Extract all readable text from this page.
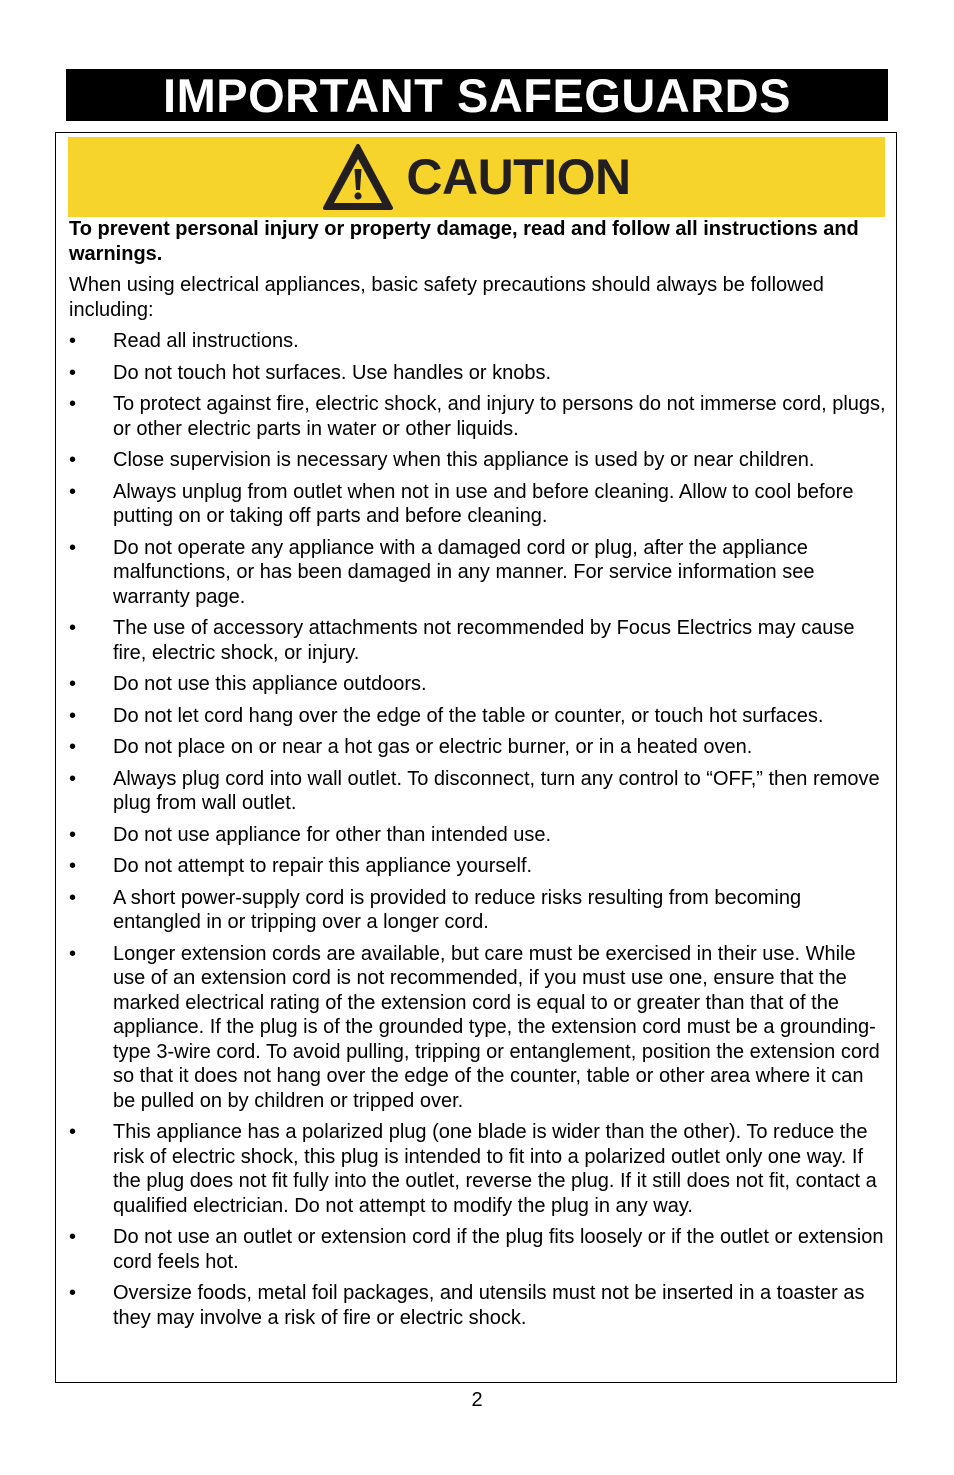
IMPORTANT SAFEGUARDS
CAUTION

To prevent personal injury or property damage, read and follow all instructions and warnings.

When using electrical appliances, basic safety precautions should always be followed including:

• Read all instructions.
• Do not touch hot surfaces. Use handles or knobs.
• To protect against fire, electric shock, and injury to persons do not immerse cord, plugs, or other electric parts in water or other liquids.
• Close supervision is necessary when this appliance is used by or near children.
• Always unplug from outlet when not in use and before cleaning. Allow to cool before putting on or taking off parts and before cleaning.
• Do not operate any appliance with a damaged cord or plug, after the appliance malfunctions, or has been damaged in any manner. For service information see warranty page.
• The use of accessory attachments not recommended by Focus Electrics may cause fire, electric shock, or injury.
• Do not use this appliance outdoors.
• Do not let cord hang over the edge of the table or counter, or touch hot surfaces.
• Do not place on or near a hot gas or electric burner, or in a heated oven.
• Always plug cord into wall outlet. To disconnect, turn any control to “OFF,” then remove plug from wall outlet.
• Do not use appliance for other than intended use.
• Do not attempt to repair this appliance yourself.
• A short power-supply cord is provided to reduce risks resulting from becoming entangled in or tripping over a longer cord.
• Longer extension cords are available, but care must be exercised in their use. While use of an extension cord is not recommended, if you must use one, ensure that the marked electrical rating of the extension cord is equal to or greater than that of the appliance. If the plug is of the grounded type, the extension cord must be a grounding-type 3-wire cord. To avoid pulling, tripping or entanglement, position the extension cord so that it does not hang over the edge of the counter, table or other area where it can be pulled on by children or tripped over.
• This appliance has a polarized plug (one blade is wider than the other). To reduce the risk of electric shock, this plug is intended to fit into a polarized outlet only one way. If the plug does not fit fully into the outlet, reverse the plug. If it still does not fit, contact a qualified electrician. Do not attempt to modify the plug in any way.
• Do not use an outlet or extension cord if the plug fits loosely or if the outlet or extension cord feels hot.
• Oversize foods, metal foil packages, and utensils must not be inserted in a toaster as they may involve a risk of fire or electric shock.
2
